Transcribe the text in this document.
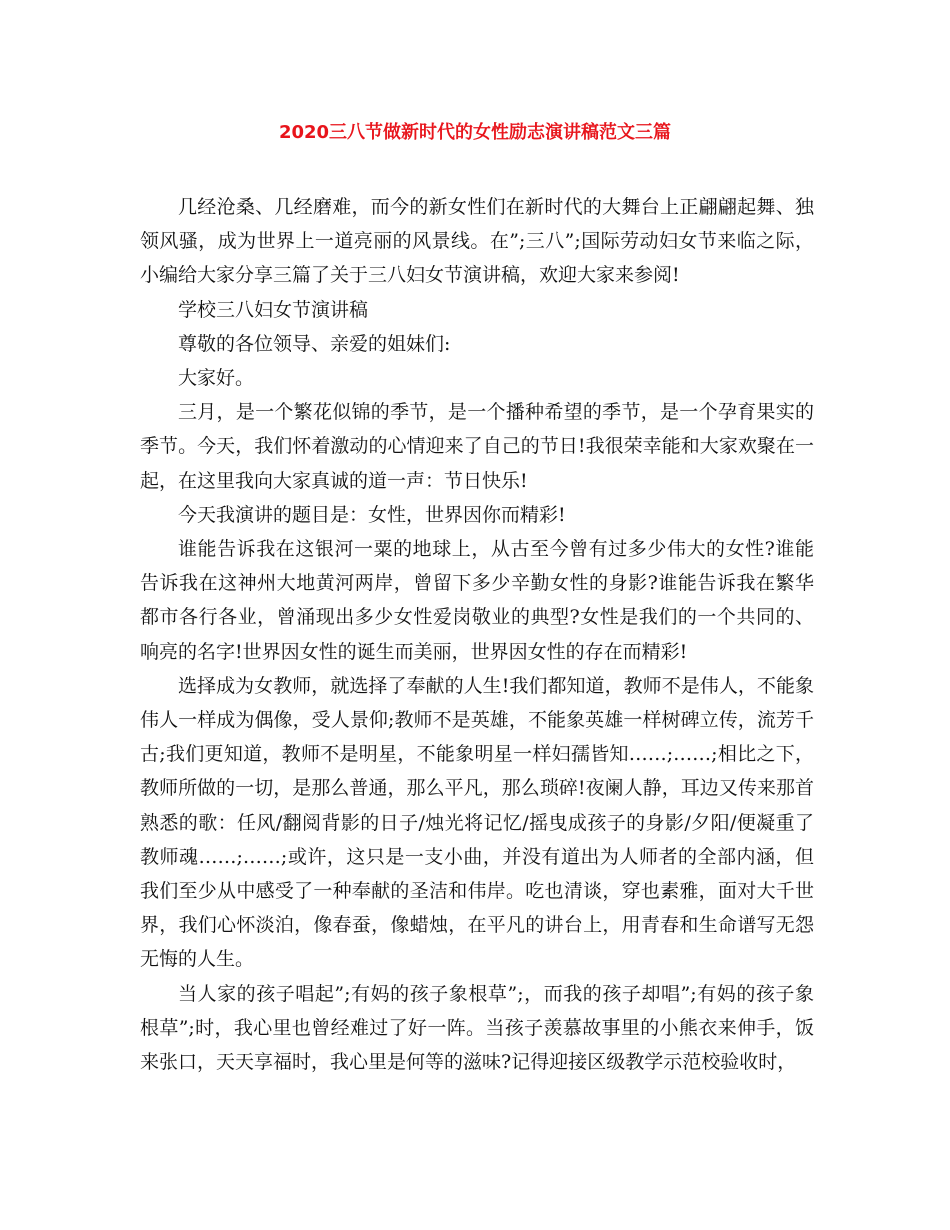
2020三八节做新时代的女性励志演讲稿范文三篇

几经沧桑、几经磨难，而今的新女性们在新时代的大舞台上正翩翩起舞、独领风骚，成为世界上一道亮丽的风景线。在”;三八”;国际劳动妇女节来临之际，小编给大家分享三篇了关于三八妇女节演讲稿，欢迎大家来参阅!

学校三八妇女节演讲稿

尊敬的各位领导、亲爱的姐妹们:

大家好。

三月，是一个繁花似锦的季节，是一个播种希望的季节，是一个孕育果实的季节。今天，我们怀着激动的心情迎来了自己的节日!我很荣幸能和大家欢聚在一起，在这里我向大家真诚的道一声：节日快乐!

今天我演讲的题目是：女性，世界因你而精彩!

谁能告诉我在这银河一粟的地球上，从古至今曾有过多少伟大的女性?谁能告诉我在这神州大地黄河两岸，曾留下多少辛勤女性的身影?谁能告诉我在繁华都市各行各业，曾涌现出多少女性爱岗敬业的典型?女性是我们的一个共同的、响亮的名字!世界因女性的诞生而美丽，世界因女性的存在而精彩!

选择成为女教师，就选择了奉献的人生!我们都知道，教师不是伟人，不能象伟人一样成为偶像，受人景仰;教师不是英雄，不能象英雄一样树碑立传，流芳千古;我们更知道，教师不是明星，不能象明星一样妇孺皆知……;……;相比之下，教师所做的一切，是那么普通，那么平凡，那么琐碎!夜阑人静，耳边又传来那首熟悉的歌：任风/翻阅背影的日子/烛光将记忆/摇曳成孩子的身影/夕阳/便凝重了教师魂……;……;或许，这只是一支小曲，并没有道出为人师者的全部内涵，但我们至少从中感受了一种奉献的圣洁和伟岸。吃也清谈，穿也素雅，面对大千世界，我们心怀淡泊，像春蚕，像蜡烛，在平凡的讲台上，用青春和生命谱写无怨无悔的人生。

当人家的孩子唱起”;有妈的孩子象根草”;，而我的孩子却唱”;有妈的孩子象根草”;时，我心里也曾经难过了好一阵。当孩子羡慕故事里的小熊衣来伸手，饭来张口，天天享福时，我心里是何等的滋味?记得迎接区级教学示范校验收时，
